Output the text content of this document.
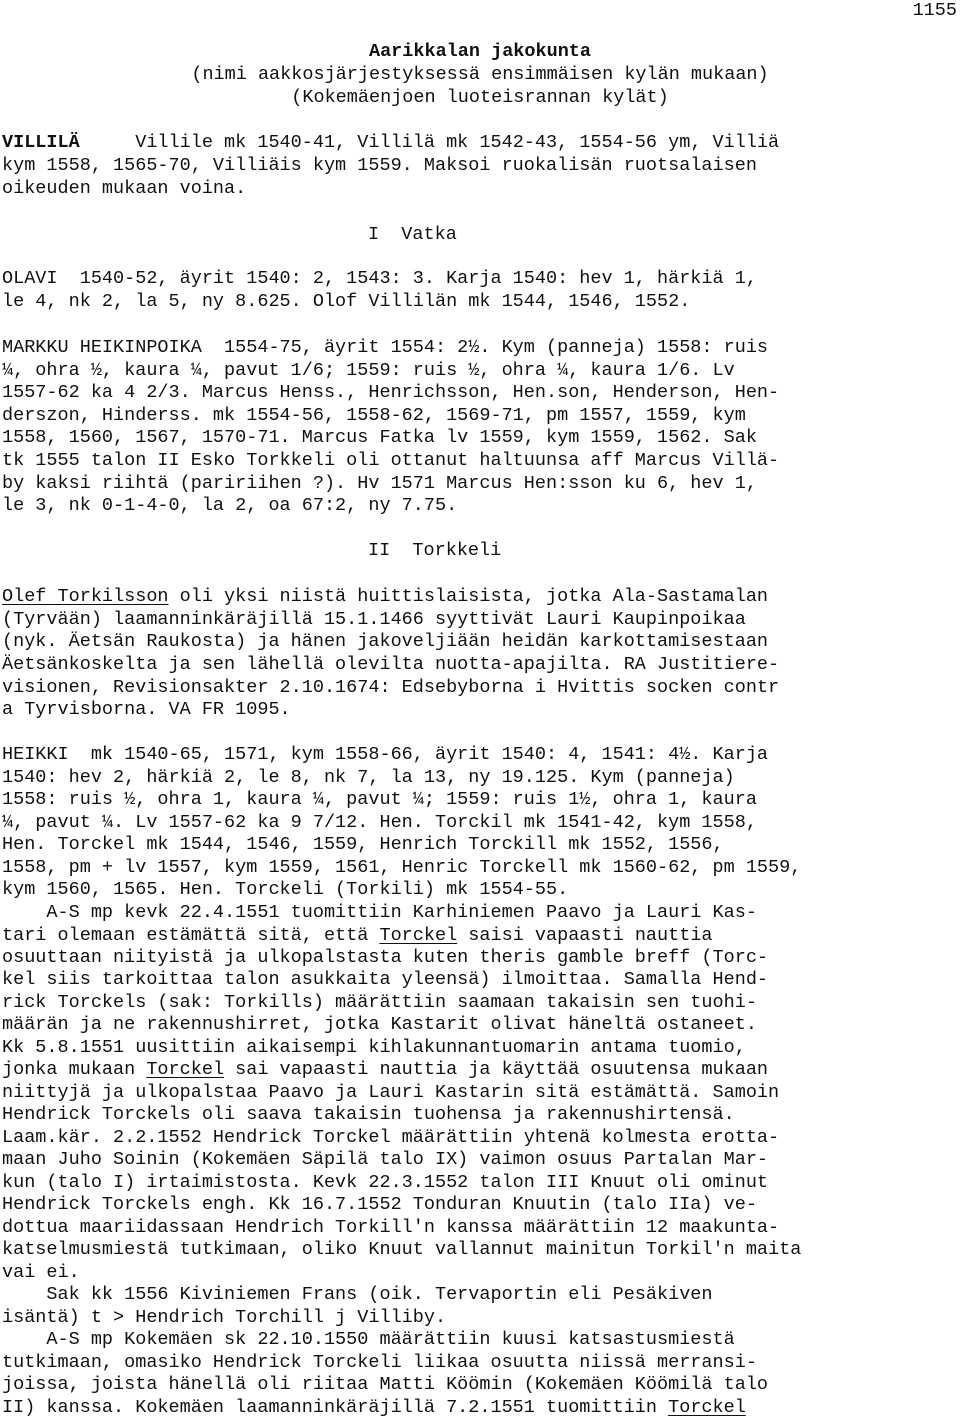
1155
Aarikkalan jakokunta
(nimi aakkosjärjestyksessä ensimmäisen kylän mukaan)
(Kokemäenjoen luoteisrannan kylät)
VILLILÄ     Villile mk 1540-41, Villilä mk 1542-43, 1554-56 ym, Villiä
kym 1558, 1565-70, Villiäis kym 1559. Maksoi ruokalisän ruotsalaisen
oikeuden mukaan voina.
I  Vatka
OLAVI  1540-52, äyrit 1540: 2, 1543: 3. Karja 1540: hev 1, härkiä 1,
le 4, nk 2, la 5, ny 8.625. Olof Villilän mk 1544, 1546, 1552.
MARKKU HEIKINPOIKA  1554-75, äyrit 1554: 2½. Kym (panneja) 1558: ruis
¼, ohra ½, kaura ¼, pavut 1/6; 1559: ruis ½, ohra ¼, kaura 1/6. Lv
1557-62 ka 4 2/3. Marcus Henss., Henrichsson, Hen.son, Henderson, Hen-
derszon, Hinderss. mk 1554-56, 1558-62, 1569-71, pm 1557, 1559, kym
1558, 1560, 1567, 1570-71. Marcus Fatka lv 1559, kym 1559, 1562. Sak
tk 1555 talon II Esko Torkkeli oli ottanut haltuunsa aff Marcus Villä-
by kaksi riihtä (paririihen ?). Hv 1571 Marcus Hen:sson ku 6, hev 1,
le 3, nk 0-1-4-0, la 2, oa 67:2, ny 7.75.
II  Torkkeli
Olef Torkilsson oli yksi niistä huittislaisista, jotka Ala-Sastamalan
(Tyrvään) laamanninkäräjillä 15.1.1466 syyttivät Lauri Kaupinpoikaa
(nyk. Äetsän Raukosta) ja hänen jakoveljiään heidän karkottamisestaan
Äetsänkoskelta ja sen lähellä olevilta nuotta-apajilta. RA Justitiere-
visionen, Revisionsakter 2.10.1674: Edsebyborna i Hvittis socken contr
a Tyrvisborna. VA FR 1095.
HEIKKI  mk 1540-65, 1571, kym 1558-66, äyrit 1540: 4, 1541: 4½. Karja
1540: hev 2, härkiä 2, le 8, nk 7, la 13, ny 19.125. Kym (panneja)
1558: ruis ½, ohra 1, kaura ¼, pavut ¼; 1559: ruis 1½, ohra 1, kaura
¼, pavut ¼. Lv 1557-62 ka 9 7/12. Hen. Torckil mk 1541-42, kym 1558,
Hen. Torckel mk 1544, 1546, 1559, Henrich Torckill mk 1552, 1556,
1558, pm + lv 1557, kym 1559, 1561, Henric Torckell mk 1560-62, pm 1559,
kym 1560, 1565. Hen. Torckeli (Torkili) mk 1554-55.
A-S mp kevk 22.4.1551 tuomittiin Karhiniemen Paavo ja Lauri Kas-
tari olemaan estämättä sitä, että Torckel saisi vapaasti nauttia
osuuttaan niityistä ja ulkopalstasta kuten theris gamble breff (Torc-
kel siis tarkoittaa talon asukkaita yleensä) ilmoittaa. Samalla Hend-
rick Torckels (sak: Torkills) määrättiin saamaan takaisin sen tuohi-
määrän ja ne rakennushirret, jotka Kastarit olivat häneltä ostaneet.
Kk 5.8.1551 uusittiin aikaisempi kihlakunnantuomarin antama tuomio,
jonka mukaan Torckel sai vapaasti nauttia ja käyttää osuutensa mukaan
niittyjä ja ulkopalstaa Paavo ja Lauri Kastarin sitä estämättä. Samoin
Hendrick Torckels oli saava takaisin tuohensa ja rakennushirtensä.
Laam.kär. 2.2.1552 Hendrick Torckel määrättiin yhtenä kolmesta erotta-
maan Juho Soinin (Kokemäen Säpilä talo IX) vaimon osuus Partalan Mar-
kun (talo I) irtaimistosta. Kevk 22.3.1552 talon III Knuut oli ominut
Hendrick Torckels engh. Kk 16.7.1552 Tonduran Knuutin (talo IIa) ve-
dottua maariidassaan Hendrich Torkill'n kanssa määrättiin 12 maakunta-
katselmusmiestä tutkimaan, oliko Knuut vallannut mainitun Torkil'n maita
vai ei.
Sak kk 1556 Kiviniemen Frans (oik. Tervaportin eli Pesäkiven
isäntä) t > Hendrich Torchill j Villiby.
A-S mp Kokemäen sk 22.10.1550 määrättiin kuusi katsastusmiestä
tutkimaan, omasiko Hendrick Torckeli liikaa osuutta niissä merransi-
joissa, joista hänellä oli riitaa Matti Köömin (Kokemäen Köömilä talo
II) kanssa. Kokemäen laamanninkäräjillä 7.2.1551 tuomittiin Torckel
